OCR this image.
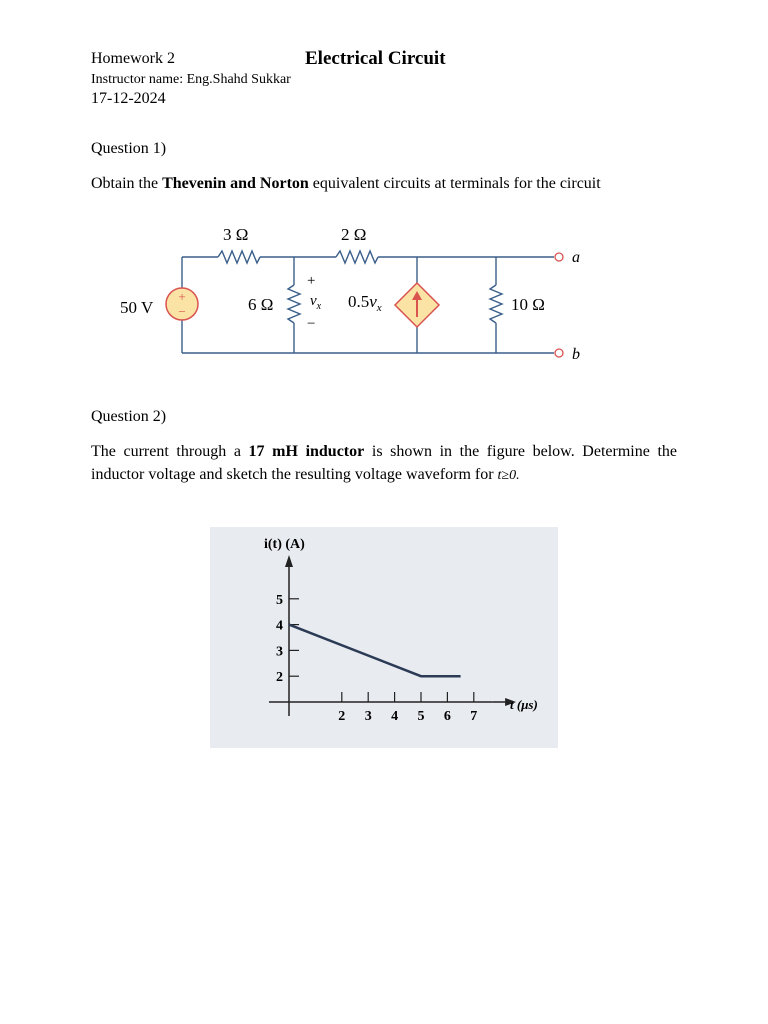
Homework 2	Electrical Circuit
Instructor name: Eng.Shahd Sukkar
17-12-2024
Question 1)
Obtain the Thevenin and Norton equivalent circuits at terminals for the circuit
+
−
50 V
3 Ω	2 Ω
6 Ω	10 Ω
+
$v_x$
−
$0.5v_x$
a
b
Question 2)
The current through a 17 mH inductor is shown in the figure below. Determine the inductor voltage and sketch the resulting voltage waveform for t≥0.
2 3 4 5 6 7
2
3
4
5
i(t) (A)
t (μs)
